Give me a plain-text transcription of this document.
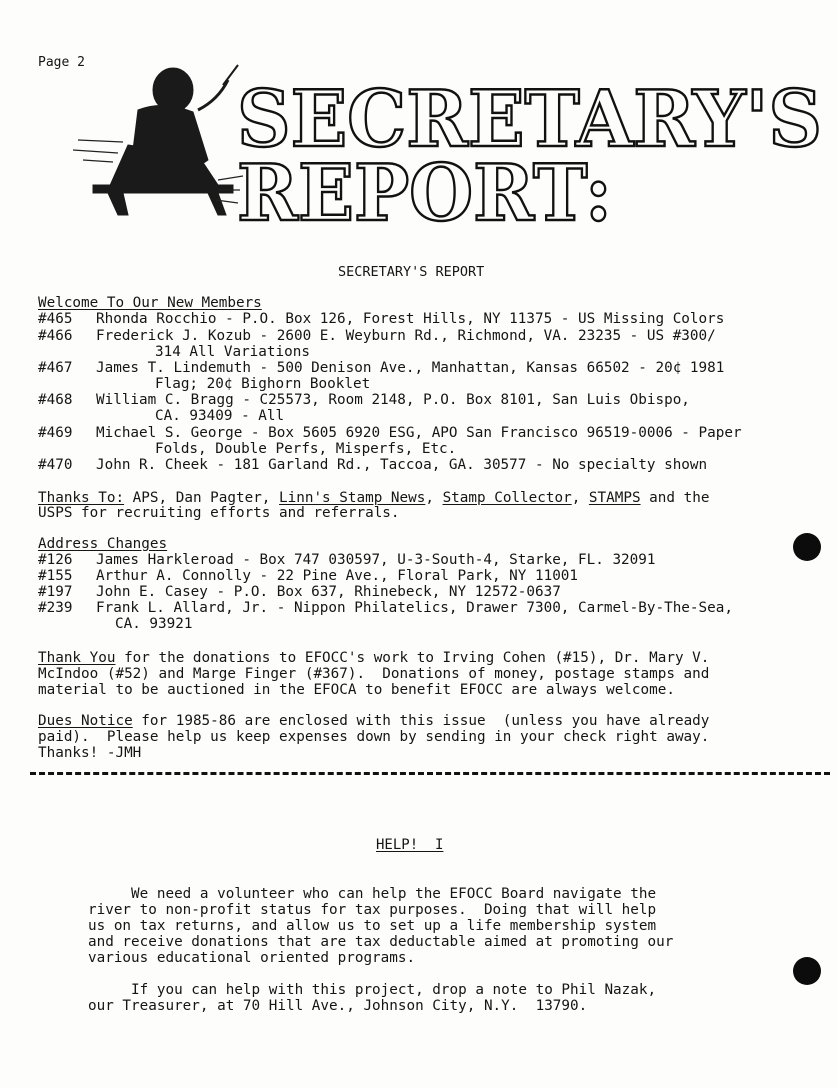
Page 2
SECRETARY'S
REPORT:
SECRETARY'S REPORT
Welcome To Our New Members
#465 Rhonda Rocchio - P.O. Box 126, Forest Hills, NY 11375 - US Missing Colors
#466 Frederick J. Kozub - 2600 E. Weyburn Rd., Richmond, VA. 23235 - US #300/
314 All Variations
#467 James T. Lindemuth - 500 Denison Ave., Manhattan, Kansas 66502 - 20¢ 1981
Flag; 20¢ Bighorn Booklet
#468 William C. Bragg - C25573, Room 2148, P.O. Box 8101, San Luis Obispo,
CA. 93409 - All
#469 Michael S. George - Box 5605 6920 ESG, APO San Francisco 96519-0006 - Paper
Folds, Double Perfs, Misperfs, Etc.
#470 John R. Cheek - 181 Garland Rd., Taccoa, GA. 30577 - No specialty shown
Thanks To: APS, Dan Pagter, Linn's Stamp News, Stamp Collector, STAMPS and the
USPS for recruiting efforts and referrals.
Address Changes
#126 James Harkleroad - Box 747 030597, U-3-South-4, Starke, FL. 32091
#155 Arthur A. Connolly - 22 Pine Ave., Floral Park, NY 11001
#197 John E. Casey - P.O. Box 637, Rhinebeck, NY 12572-0637
#239 Frank L. Allard, Jr. - Nippon Philatelics, Drawer 7300, Carmel-By-The-Sea,
CA. 93921
Thank You for the donations to EFOCC's work to Irving Cohen (#15), Dr. Mary V.
McIndoo (#52) and Marge Finger (#367).  Donations of money, postage stamps and
material to be auctioned in the EFOCA to benefit EFOCC are always welcome.
Dues Notice for 1985-86 are enclosed with this issue  (unless you have already
paid).  Please help us keep expenses down by sending in your check right away.
Thanks! -JMH
HELP!  I
We need a volunteer who can help the EFOCC Board navigate the
river to non-profit status for tax purposes.  Doing that will help
us on tax returns, and allow us to set up a life membership system
and receive donations that are tax deductable aimed at promoting our
various educational oriented programs.
If you can help with this project, drop a note to Phil Nazak,
our Treasurer, at 70 Hill Ave., Johnson City, N.Y.  13790.
